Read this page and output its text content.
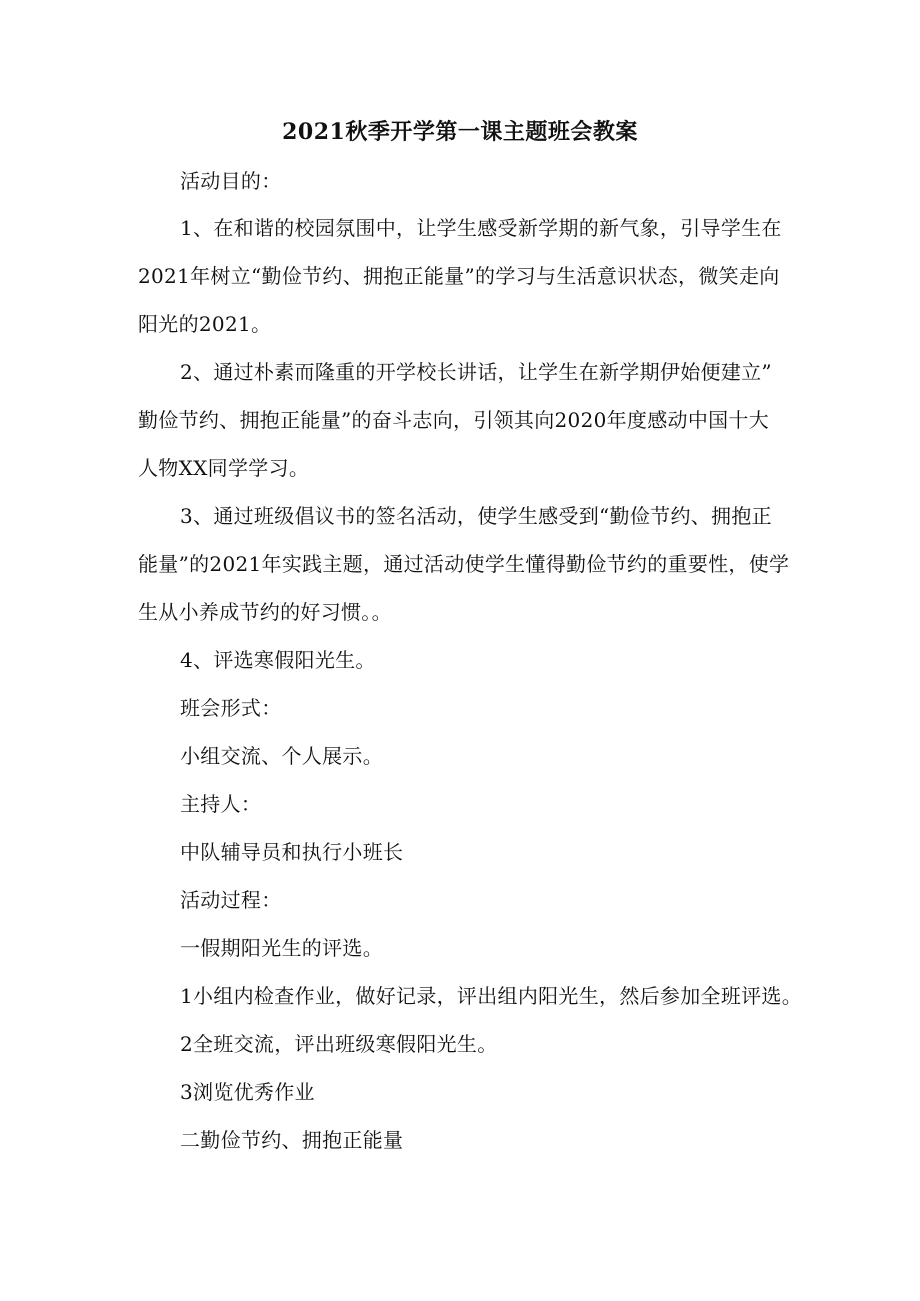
2021秋季开学第一课主题班会教案
活动目的：
1、在和谐的校园氛围中，让学生感受新学期的新气象，引导学生在
2021年树立“勤俭节约、拥抱正能量”的学习与生活意识状态，微笑走向
阳光的2021。
2、通过朴素而隆重的开学校长讲话，让学生在新学期伊始便建立”
勤俭节约、拥抱正能量”的奋斗志向，引领其向2020年度感动中国十大
人物XX同学学习。
3、通过班级倡议书的签名活动，使学生感受到“勤俭节约、拥抱正
能量”的2021年实践主题，通过活动使学生懂得勤俭节约的重要性，使学
生从小养成节约的好习惯。。
4、评选寒假阳光生。
班会形式：
小组交流、个人展示。
主持人：
中队辅导员和执行小班长
活动过程：
一假期阳光生的评选。
1小组内检查作业，做好记录，评出组内阳光生，然后参加全班评选。
2全班交流，评出班级寒假阳光生。
3浏览优秀作业
二勤俭节约、拥抱正能量
